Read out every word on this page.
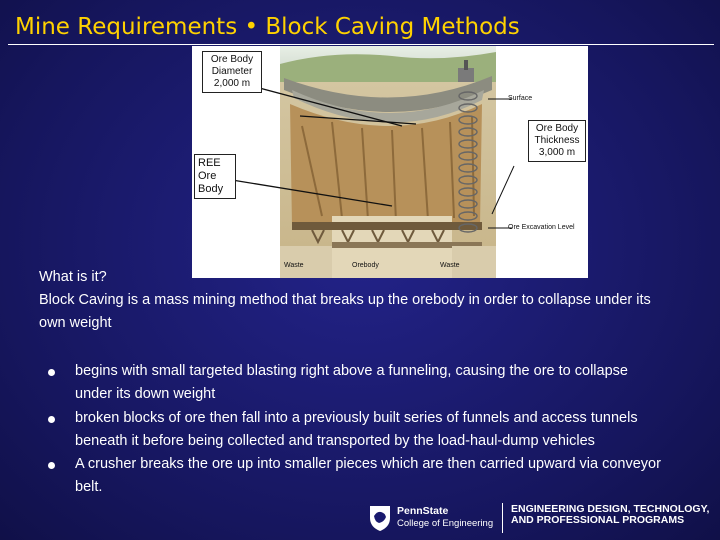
Mine Requirements • Block Caving Methods
Ore Body Diameter 2,000 m
REE Ore Body
Ore Body Thickness 3,000 m
Surface
Ore Excavation Level
Waste	Orebody	Waste
What is it?
Block Caving is a mass mining method that breaks up the orebody in order to collapse under its own weight
begins with small targeted blasting right above a funneling, causing the ore to collapse under its down weight
broken blocks of ore then fall into a previously built series of funnels and access tunnels beneath it before being collected and transported by the load-haul-dump vehicles
A crusher breaks the ore up into smaller pieces which are then carried upward via conveyor belt.
PennState
College of Engineering
ENGINEERING DESIGN, TECHNOLOGY,
AND PROFESSIONAL PROGRAMS
